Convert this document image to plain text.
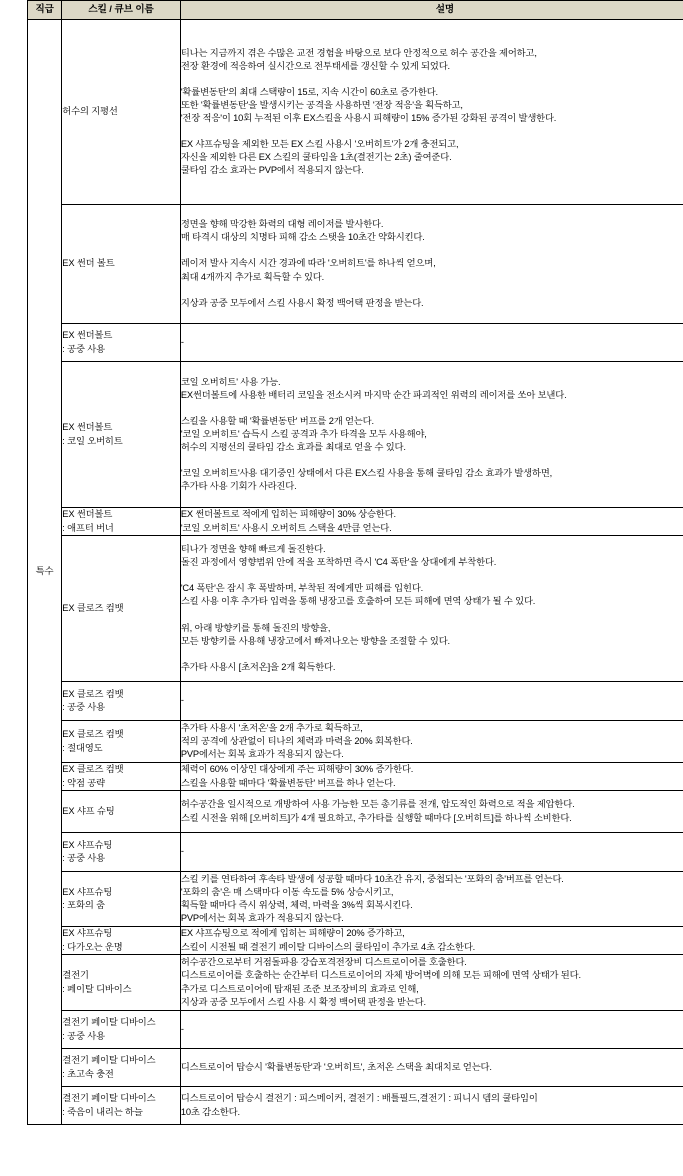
직급	스킬 / 큐브 이름	설명
특수	허수의 지평선	티나는 지금까지 겪은 수많은 교전 경험을 바탕으로 보다 안정적으로 허수 공간을 제어하고,
전장 환경에 적응하여 실시간으로 전투태세를 갱신할 수 있게 되었다.

'확률변동탄'의 최대 스택량이 15로, 지속 시간이 60초로 증가한다.
또한 '확률변동탄'을 발생시키는 공격을 사용하면 '전장 적응'을 획득하고,
'전장 적응'이 10회 누적된 이후 EX스킬을 사용시 피해량이 15% 증가된 강화된 공격이 발생한다.

EX 샤프슈팅을 제외한 모든 EX 스킬 사용시 '오버히트'가 2개 충전되고,
자신을 제외한 다른 EX 스킬의 쿨타임을 1초(결전기는 2초) 줄여준다.
쿨타임 감소 효과는 PVP에서 적용되지 않는다.
	EX 썬더 볼트	정면을 향해 막강한 화력의 대형 레이저를 발사한다.
매 타격시 대상의 치명타 피해 감소 스탯을 10초간 약화시킨다.

레이저 발사 지속시 시간 경과에 따라 '오버히트'를 하나씩 얻으며,
최대 4개까지 추가로 획득할 수 있다.

지상과 공중 모두에서 스킬 사용시 확정 백어택 판정을 받는다.
	EX 썬더볼트
: 공중 사용	-
EX 썬더볼트
: 코일 오버히트	코일 오버히트' 사용 가능.
EX썬더볼트에 사용한 배터리 코일을 전소시켜 마지막 순간 파괴적인 위력의 레이저를 쏘아 보낸다.

스킬을 사용할 때 '확률변동탄' 버프를 2개 얻는다.
'코일 오버히트' 습득시 스킬 공격과 추가 타격을 모두 사용해야,
허수의 지평선의 쿨타임 감소 효과를 최대로 얻을 수 있다.

'코일 오버히트'사용 대기중인 상태에서 다른 EX스킬 사용을 통해 쿨타임 감소 효과가 발생하면,
추가타 사용 기회가 사라진다.
	EX 썬더볼트
: 애프터 버너	EX 썬더볼트로 적에게 입히는 피해량이 30% 상승한다.
'코일 오버히트' 사용시 오버히트 스택을 4만큼 얻는다.
EX 클로즈 컴뱃	티나가 정면을 향해 빠르게 돌진한다.
돌진 과정에서 영향범위 안에 적을 포착하면 즉시 'C4 폭탄'을 상대에게 부착한다.

'C4 폭탄'은 잠시 후 폭발하며, 부착된 적에게만 피해를 입힌다.
스킬 사용 이후 추가타 입력을 통해 냉장고를 호출하여 모든 피해에 면역 상태가 될 수 있다.

위, 아래 방향키를 통해 돌진의 방향을,
모든 방향키를 사용해 냉장고에서 빠져나오는 방향을 조절할 수 있다.

추가타 사용시 [초저온]을 2개 획득한다.
	EX 클로즈 컴뱃
: 공중 사용	-
	EX 클로즈 컴뱃
: 절대영도	추가타 사용시 '초저온'을 2개 추가로 획득하고,
적의 공격에 상관없이 티나의 체력과 마력을 20% 회복한다.
PVP에서는 회복 효과가 적용되지 않는다.
	EX 클로즈 컴뱃
: 약점 공략	체력이 60% 이상인 대상에게 주는 피해량이 30% 증가한다.
스킬을 사용할 때마다 '확률변동탄' 버프를 하나 얻는다.
	EX 샤프 슈팅	허수공간을 일시적으로 개방하여 사용 가능한 모든 총기류를 전개, 압도적인 화력으로 적을 제압한다.
스킬 시전을 위해 [오버히트]가 4개 필요하고, 추가타를 실행할 때마다 [오버히트]를 하나씩 소비한다.
	EX 샤프슈팅
: 공중 사용	-
	EX 샤프슈팅
: 포화의 춤	스킬 키를 연타하여 후속타 발생에 성공할 때마다 10초간 유지, 중첩되는 '포화의 춤'버프를 얻는다.
'포화의 춤'은 매 스택마다 이동 속도를 5% 상승시키고,
획득할 때마다 즉시 위상력, 체력, 마력을 3%씩 회복시킨다.
PVP에서는 회복 효과가 적용되지 않는다.
	EX 샤프슈팅
: 다가오는 운명	EX 샤프슈팅으로 적에게 입히는 피해량이 20% 증가하고,
스킬이 시전될 때 결전기 페이탈 디바이스의 쿨타임이 추가로 4초 감소한다.
	결전기
: 페이탈 디바이스	허수공간으로부터 거점돌파용 강습포격전장비 디스트로이어를 호출한다.
디스트로이어를 호출하는 순간부터 디스트로이어의 자체 방어벽에 의해 모든 피해에 면역 상태가 된다.
추가로 디스트로이어에 탑재된 조준 보조장비의 효과로 인해,
지상과 공중 모두에서 스킬 사용 시 확정 백어택 판정을 받는다.
	결전기 페이탈 디바이스
: 공중 사용	-
	결전기 페이탈 디바이스
: 초고속 충전	디스트로이어 탑승시 '확률변동탄'과 '오버히트', 초저온 스택을 최대치로 얻는다.
	결전기 페이탈 디바이스
: 죽음이 내리는 하늘	디스트로이어 탑승시 결전기 : 피스메이커, 결전기 : 배틀필드,결전기 : 피니시 뎀의 쿨타임이
10초 감소한다.
